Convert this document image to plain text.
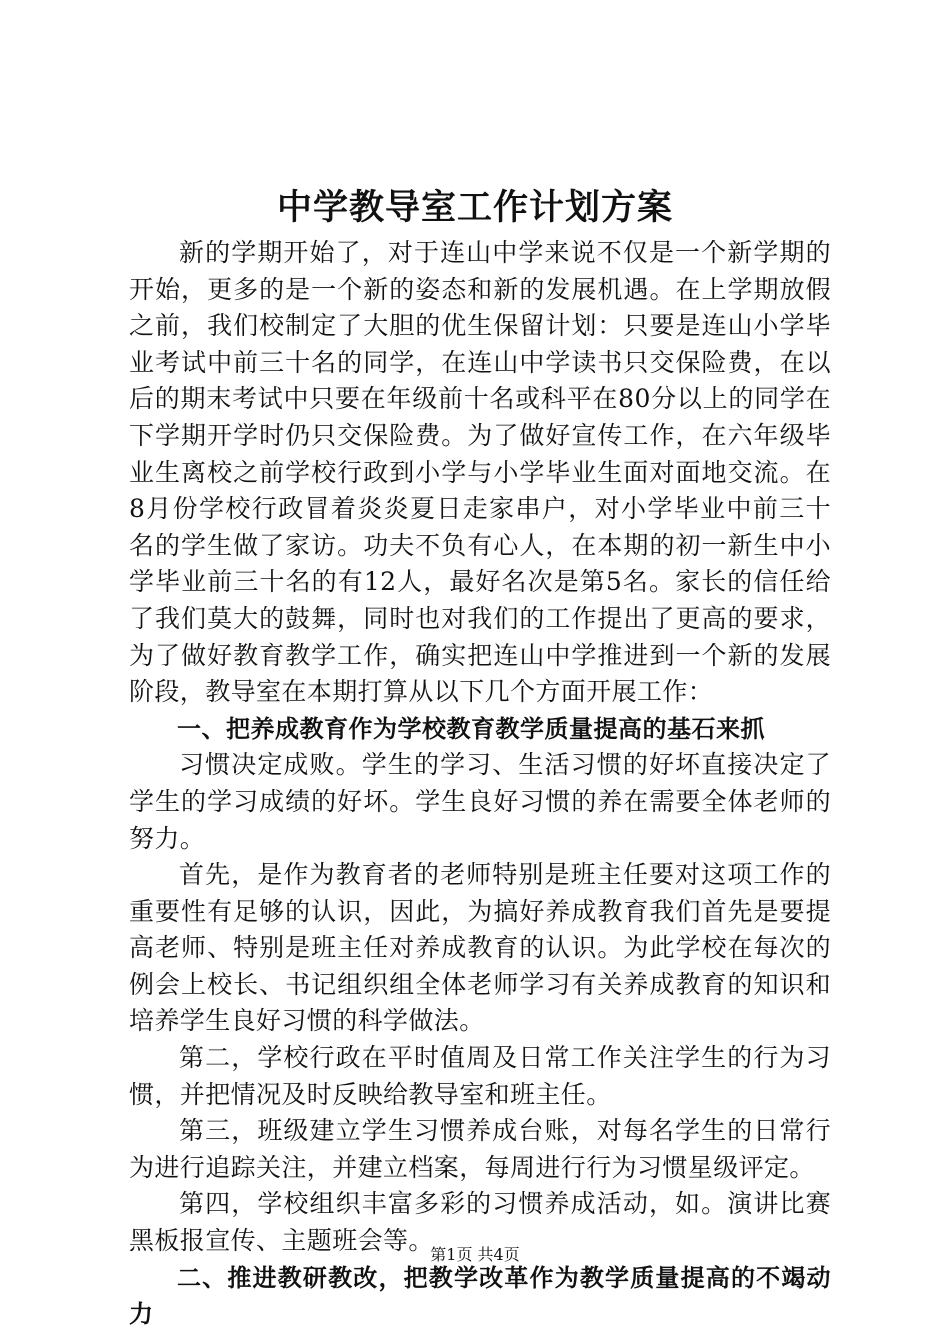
中学教导室工作计划方案

新的学期开始了，对于连山中学来说不仅是一个新学期的开始，更多的是一个新的姿态和新的发展机遇。在上学期放假之前，我们校制定了大胆的优生保留计划：只要是连山小学毕业考试中前三十名的同学，在连山中学读书只交保险费，在以后的期末考试中只要在年级前十名或科平在80分以上的同学在下学期开学时仍只交保险费。为了做好宣传工作，在六年级毕业生离校之前学校行政到小学与小学毕业生面对面地交流。在8月份学校行政冒着炎炎夏日走家串户，对小学毕业中前三十名的学生做了家访。功夫不负有心人，在本期的初一新生中小学毕业前三十名的有12人，最好名次是第5名。家长的信任给了我们莫大的鼓舞，同时也对我们的工作提出了更高的要求，为了做好教育教学工作，确实把连山中学推进到一个新的发展阶段，教导室在本期打算从以下几个方面开展工作：

一、把养成教育作为学校教育教学质量提高的基石来抓

习惯决定成败。学生的学习、生活习惯的好坏直接决定了学生的学习成绩的好坏。学生良好习惯的养在需要全体老师的努力。

首先，是作为教育者的老师特别是班主任要对这项工作的重要性有足够的认识，因此，为搞好养成教育我们首先是要提高老师、特别是班主任对养成教育的认识。为此学校在每次的例会上校长、书记组织组全体老师学习有关养成教育的知识和培养学生良好习惯的科学做法。

第二，学校行政在平时值周及日常工作关注学生的行为习惯，并把情况及时反映给教导室和班主任。

第三，班级建立学生习惯养成台账，对每名学生的日常行为进行追踪关注，并建立档案，每周进行行为习惯星级评定。

第四，学校组织丰富多彩的习惯养成活动，如。演讲比赛黑板报宣传、主题班会等。

二、推进教研教改，把教学改革作为教学质量提高的不竭动力

第1页 共4页
